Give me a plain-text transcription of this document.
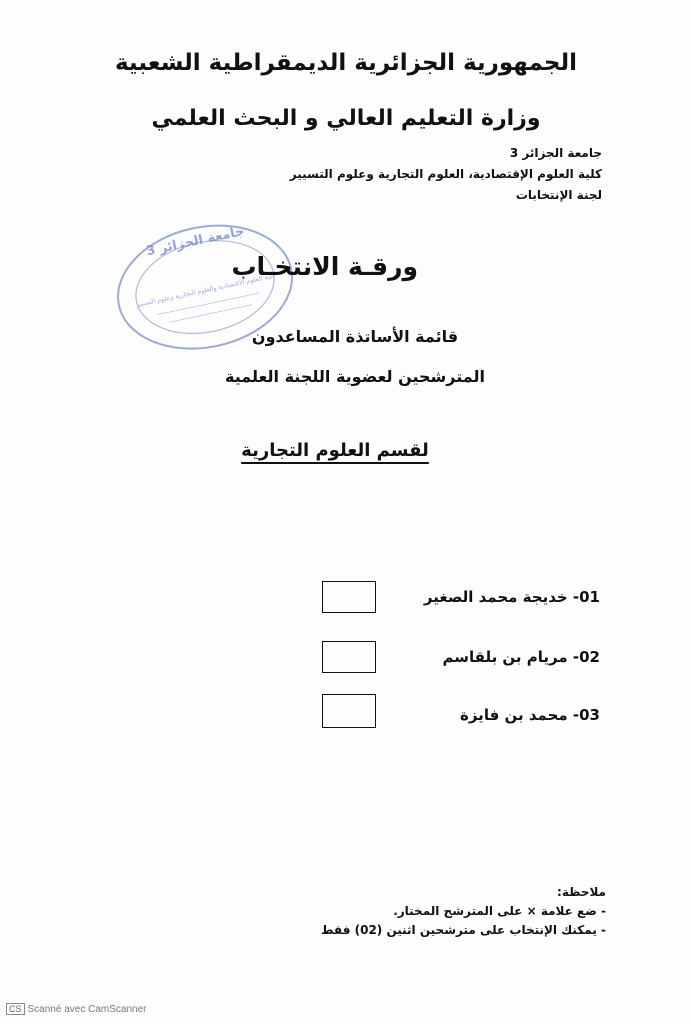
الجمهورية الجزائرية الديمقراطية الشعبية
وزارة التعليم العالي و البحث العلمي
جامعة الجزائر 3
كلية العلوم الإقتصادية، العلوم التجارية وعلوم التسيير
لجنة الإنتخابات
جامعة الجزائر 3
كلية العلوم الاقتصادية والعلوم التجارية وعلوم التسيير
ورقـة الانتخـاب
قائمة الأساتذة المساعدون
المترشحين لعضوية اللجنة العلمية
لقسم العلوم التجارية
01- خديجة محمد الصغير
02- مريام بن بلقاسم
03- محمد بن فايزة
ملاحظة:
- ضع علامة × على المترشح المختار.
- يمكنك الإنتخاب على مترشحين اثنين (02) فقط
CS Scanné avec CamScanner
